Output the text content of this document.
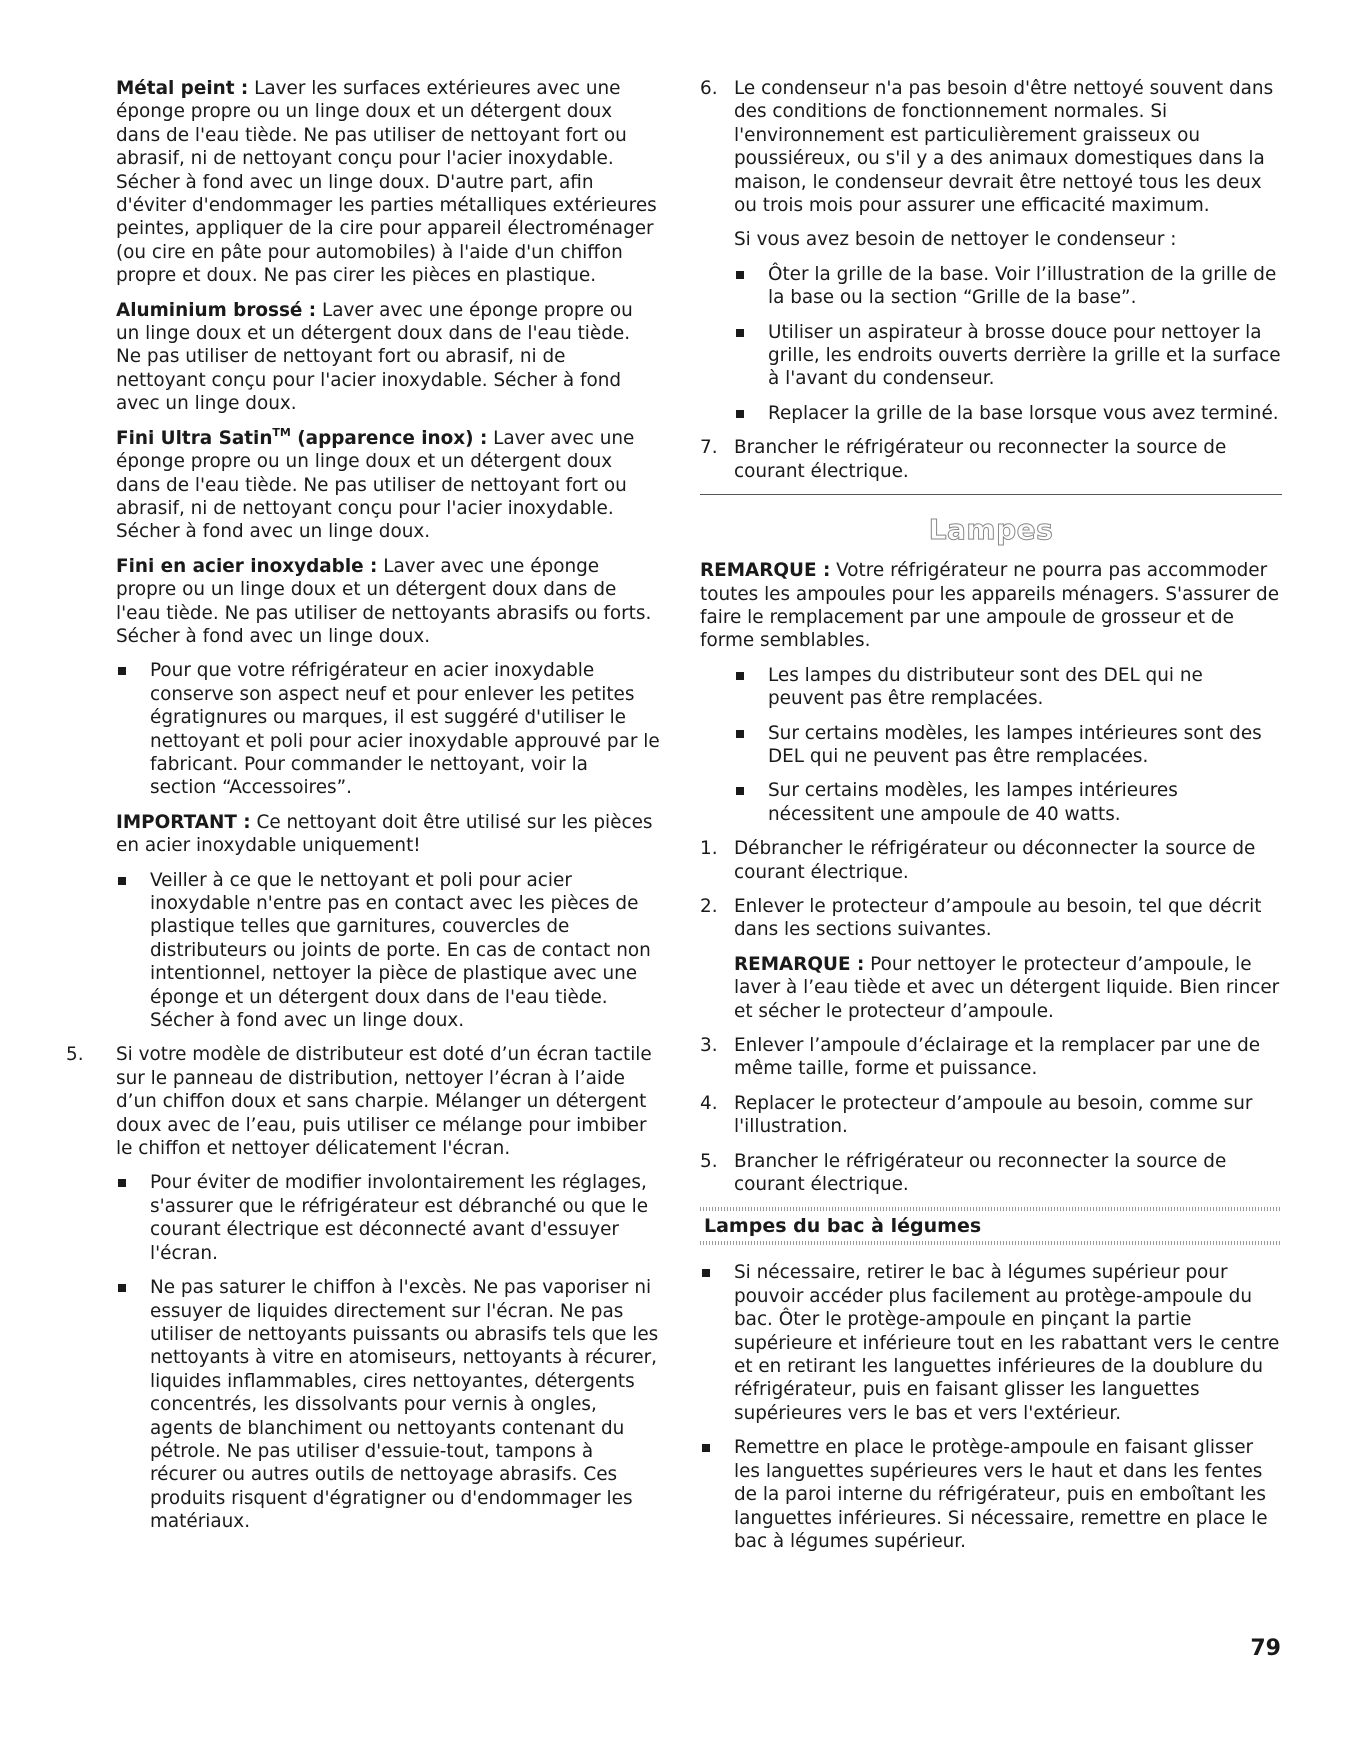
Métal peint : Laver les surfaces extérieures avec une éponge propre ou un linge doux et un détergent doux dans de l'eau tiède. Ne pas utiliser de nettoyant fort ou abrasif, ni de nettoyant conçu pour l'acier inoxydable. Sécher à fond avec un linge doux. D'autre part, afin d'éviter d'endommager les parties métalliques extérieures peintes, appliquer de la cire pour appareil électroménager (ou cire en pâte pour automobiles) à l'aide d'un chiffon propre et doux. Ne pas cirer les pièces en plastique.

Aluminium brossé : Laver avec une éponge propre ou un linge doux et un détergent doux dans de l'eau tiède. Ne pas utiliser de nettoyant fort ou abrasif, ni de nettoyant conçu pour l'acier inoxydable. Sécher à fond avec un linge doux.

Fini Ultra Satin™ (apparence inox) : Laver avec une éponge propre ou un linge doux et un détergent doux dans de l'eau tiède. Ne pas utiliser de nettoyant fort ou abrasif, ni de nettoyant conçu pour l'acier inoxydable. Sécher à fond avec un linge doux.

Fini en acier inoxydable : Laver avec une éponge propre ou un linge doux et un détergent doux dans de l'eau tiède. Ne pas utiliser de nettoyants abrasifs ou forts. Sécher à fond avec un linge doux.

Pour que votre réfrigérateur en acier inoxydable conserve son aspect neuf et pour enlever les petites égratignures ou marques, il est suggéré d'utiliser le nettoyant et poli pour acier inoxydable approuvé par le fabricant. Pour commander le nettoyant, voir la section “Accessoires”.

IMPORTANT : Ce nettoyant doit être utilisé sur les pièces en acier inoxydable uniquement!

Veiller à ce que le nettoyant et poli pour acier inoxydable n'entre pas en contact avec les pièces de plastique telles que garnitures, couvercles de distributeurs ou joints de porte. En cas de contact non intentionnel, nettoyer la pièce de plastique avec une éponge et un détergent doux dans de l'eau tiède. Sécher à fond avec un linge doux.
5.	Si votre modèle de distributeur est doté d’un écran tactile sur le panneau de distribution, nettoyer l’écran à l’aide d’un chiffon doux et sans charpie. Mélanger un détergent doux avec de l’eau, puis utiliser ce mélange pour imbiber le chiffon et nettoyer délicatement l'écran.
Pour éviter de modifier involontairement les réglages, s'assurer que le réfrigérateur est débranché ou que le courant électrique est déconnecté avant d'essuyer l'écran.
Ne pas saturer le chiffon à l'excès. Ne pas vaporiser ni essuyer de liquides directement sur l'écran. Ne pas utiliser de nettoyants puissants ou abrasifs tels que les nettoyants à vitre en atomiseurs, nettoyants à récurer, liquides inflammables, cires nettoyantes, détergents concentrés, les dissolvants pour vernis à ongles, agents de blanchiment ou nettoyants contenant du pétrole. Ne pas utiliser d'essuie-tout, tampons à récurer ou autres outils de nettoyage abrasifs. Ces produits risquent d'égratigner ou d'endommager les matériaux.
6. Le condenseur n'a pas besoin d'être nettoyé souvent dans des conditions de fonctionnement normales. Si l'environnement est particulièrement graisseux ou poussiéreux, ou s'il y a des animaux domestiques dans la maison, le condenseur devrait être nettoyé tous les deux ou trois mois pour assurer une efficacité maximum.

Si vous avez besoin de nettoyer le condenseur :

Ôter la grille de la base. Voir l’illustration de la grille de la base ou la section “Grille de la base”.
Utiliser un aspirateur à brosse douce pour nettoyer la grille, les endroits ouverts derrière la grille et la surface à l'avant du condenseur.
Replacer la grille de la base lorsque vous avez terminé.
7. Brancher le réfrigérateur ou reconnecter la source de courant électrique.
Lampes

REMARQUE : Votre réfrigérateur ne pourra pas accommoder toutes les ampoules pour les appareils ménagers. S'assurer de faire le remplacement par une ampoule de grosseur et de forme semblables.

Les lampes du distributeur sont des DEL qui ne peuvent pas être remplacées.
Sur certains modèles, les lampes intérieures sont des DEL qui ne peuvent pas être remplacées.
Sur certains modèles, les lampes intérieures nécessitent une ampoule de 40 watts.
1. Débrancher le réfrigérateur ou déconnecter la source de courant électrique.
2. Enlever le protecteur d’ampoule au besoin, tel que décrit dans les sections suivantes.

REMARQUE : Pour nettoyer le protecteur d’ampoule, le laver à l’eau tiède et avec un détergent liquide. Bien rincer et sécher le protecteur d’ampoule.

3. Enlever l’ampoule d’éclairage et la remplacer par une de même taille, forme et puissance.
4. Replacer le protecteur d’ampoule au besoin, comme sur l'illustration.
5. Brancher le réfrigérateur ou reconnecter la source de courant électrique.
Lampes du bac à légumes
Si nécessaire, retirer le bac à légumes supérieur pour pouvoir accéder plus facilement au protège-ampoule du bac. Ôter le protège-ampoule en pinçant la partie supérieure et inférieure tout en les rabattant vers le centre et en retirant les languettes inférieures de la doublure du réfrigérateur, puis en faisant glisser les languettes supérieures vers le bas et vers l'extérieur.
Remettre en place le protège-ampoule en faisant glisser les languettes supérieures vers le haut et dans les fentes de la paroi interne du réfrigérateur, puis en emboîtant les languettes inférieures. Si nécessaire, remettre en place le bac à légumes supérieur.
79
